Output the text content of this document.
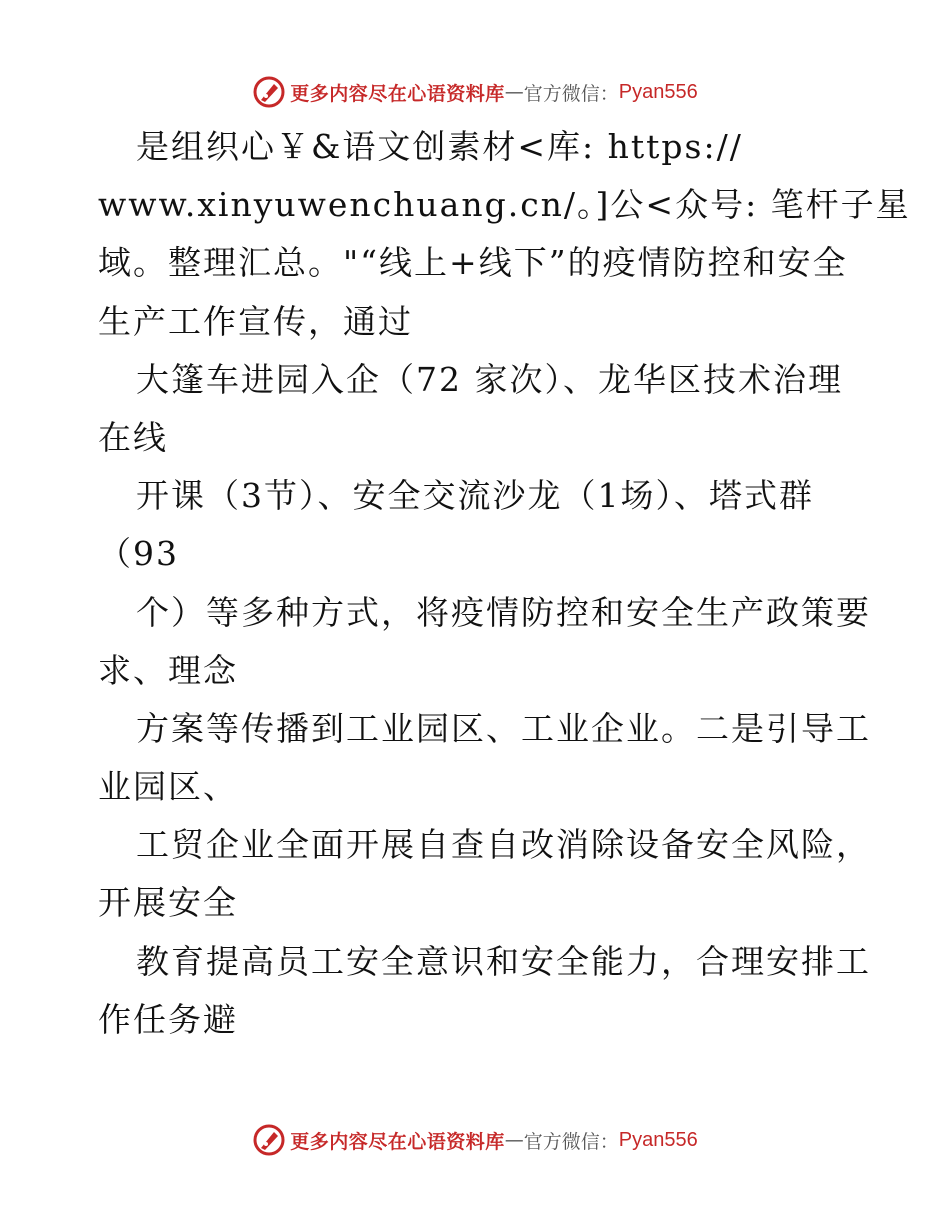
更多内容尽在心语资料库 — 官方微信： Pyan556
是组织心￥&语文创素材<库: https://
www.xinyuwenchuang.cn/。]公<众号: 笔杆子星
域。整理汇总。"“线上+线下”的疫情防控和安全
生产工作宣传，通过
大篷车进园入企（72 家次）、龙华区技术治理
在线
开课（3节）、安全交流沙龙（1场）、塔式群
（93
个）等多种方式，将疫情防控和安全生产政策要
求、理念
方案等传播到工业园区、工业企业。二是引导工
业园区、
工贸企业全面开展自查自改消除设备安全风险，
开展安全
教育提高员工安全意识和安全能力，合理安排工
作任务避
更多内容尽在心语资料库 — 官方微信： Pyan556
